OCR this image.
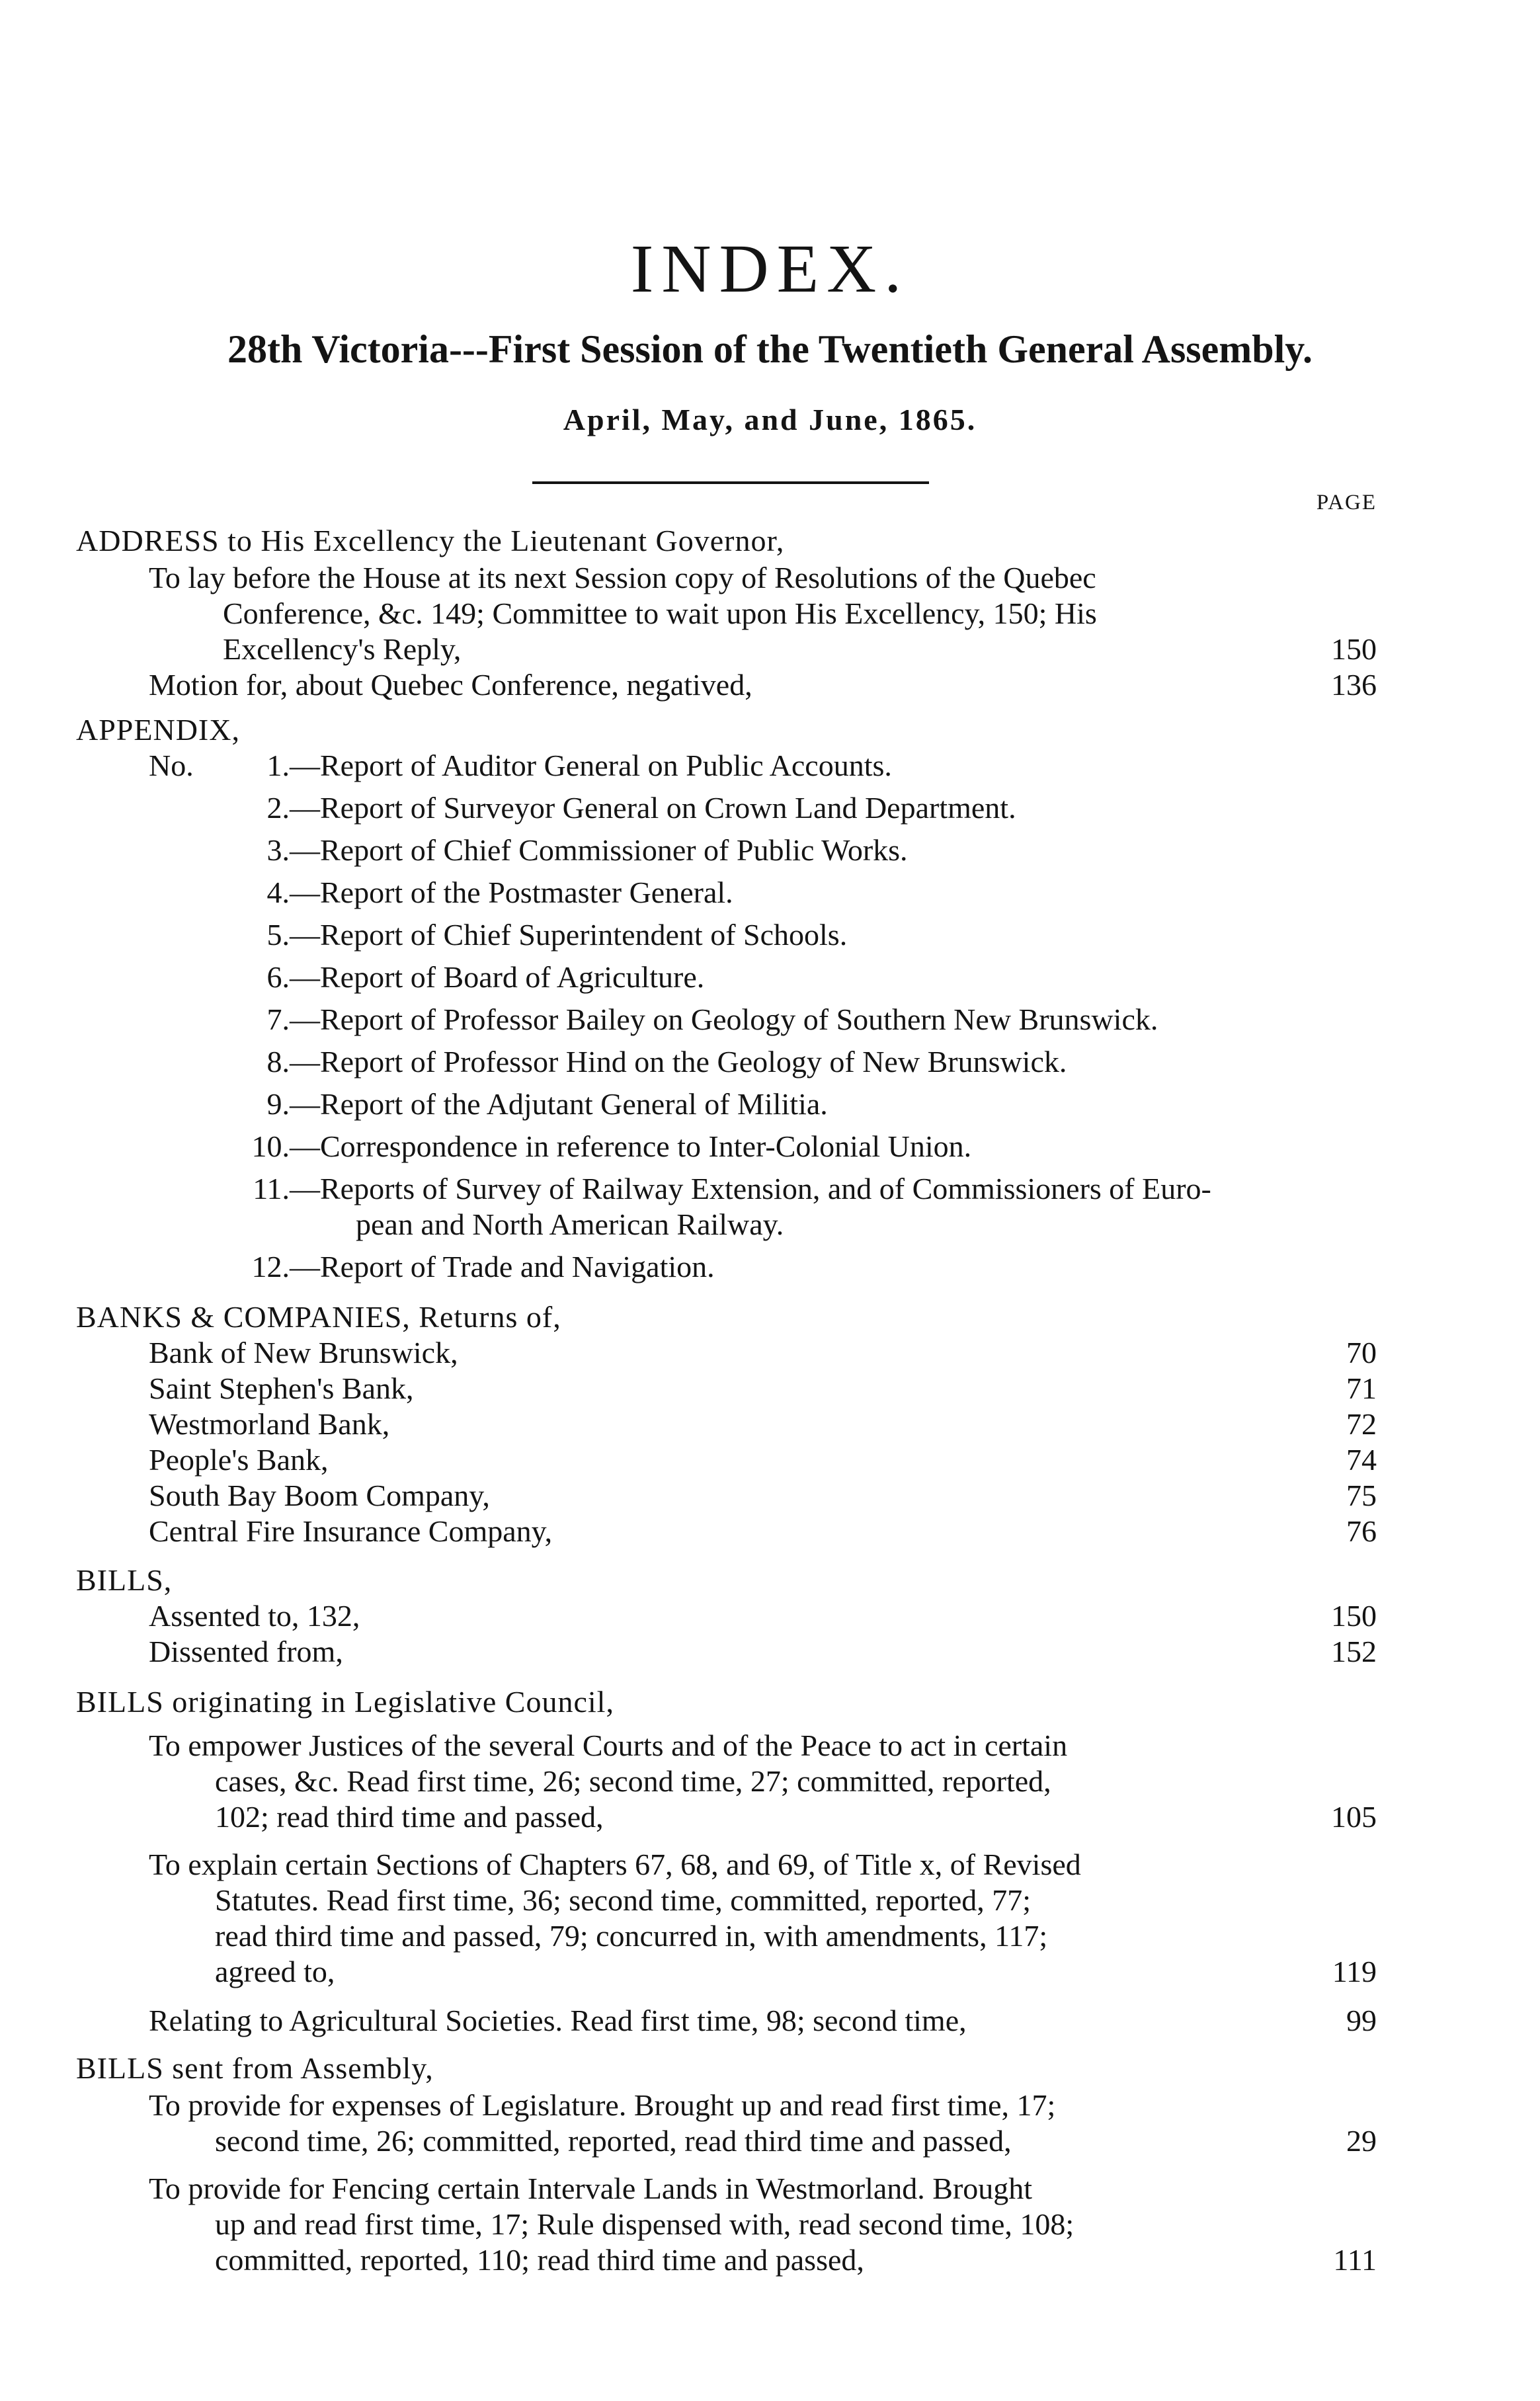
INDEX.
28th Victoria---First Session of the Twentieth General Assembly.
April, May, and June, 1865.
PAGE
ADDRESS to His Excellency the Lieutenant Governor,
To lay before the House at its next Session copy of Resolutions of the Quebec
Conference, &c. 149; Committee to wait upon His Excellency, 150; His
Excellency's Reply,	150
Motion for, about Quebec Conference, negatived,	136
APPENDIX,
No.	1. —Report of Auditor General on Public Accounts.
2. —Report of Surveyor General on Crown Land Department.
3. —Report of Chief Commissioner of Public Works.
4. —Report of the Postmaster General.
5. —Report of Chief Superintendent of Schools.
6. —Report of Board of Agriculture.
7. —Report of Professor Bailey on Geology of Southern New Brunswick.
8. —Report of Professor Hind on the Geology of New Brunswick.
9. —Report of the Adjutant General of Militia.
10. —Correspondence in reference to Inter-Colonial Union.
11. —Reports of Survey of Railway Extension, and of Commissioners of Euro-
pean and North American Railway.
12. —Report of Trade and Navigation.
BANKS & COMPANIES, Returns of,
Bank of New Brunswick,	70
Saint Stephen's Bank,	71
Westmorland Bank,	72
People's Bank,	74
South Bay Boom Company,	75
Central Fire Insurance Company,	76
BILLS,
Assented to, 132,	150
Dissented from,	152
BILLS originating in Legislative Council,
To empower Justices of the several Courts and of the Peace to act in certain
cases, &c. Read first time, 26; second time, 27; committed, reported,
102; read third time and passed,	105
To explain certain Sections of Chapters 67, 68, and 69, of Title x, of Revised
Statutes. Read first time, 36; second time, committed, reported, 77;
read third time and passed, 79; concurred in, with amendments, 117;
agreed to,	119
Relating to Agricultural Societies. Read first time, 98; second time,	99
BILLS sent from Assembly,
To provide for expenses of Legislature. Brought up and read first time, 17;
second time, 26; committed, reported, read third time and passed,	29
To provide for Fencing certain Intervale Lands in Westmorland. Brought
up and read first time, 17; Rule dispensed with, read second time, 108;
committed, reported, 110; read third time and passed,	111
